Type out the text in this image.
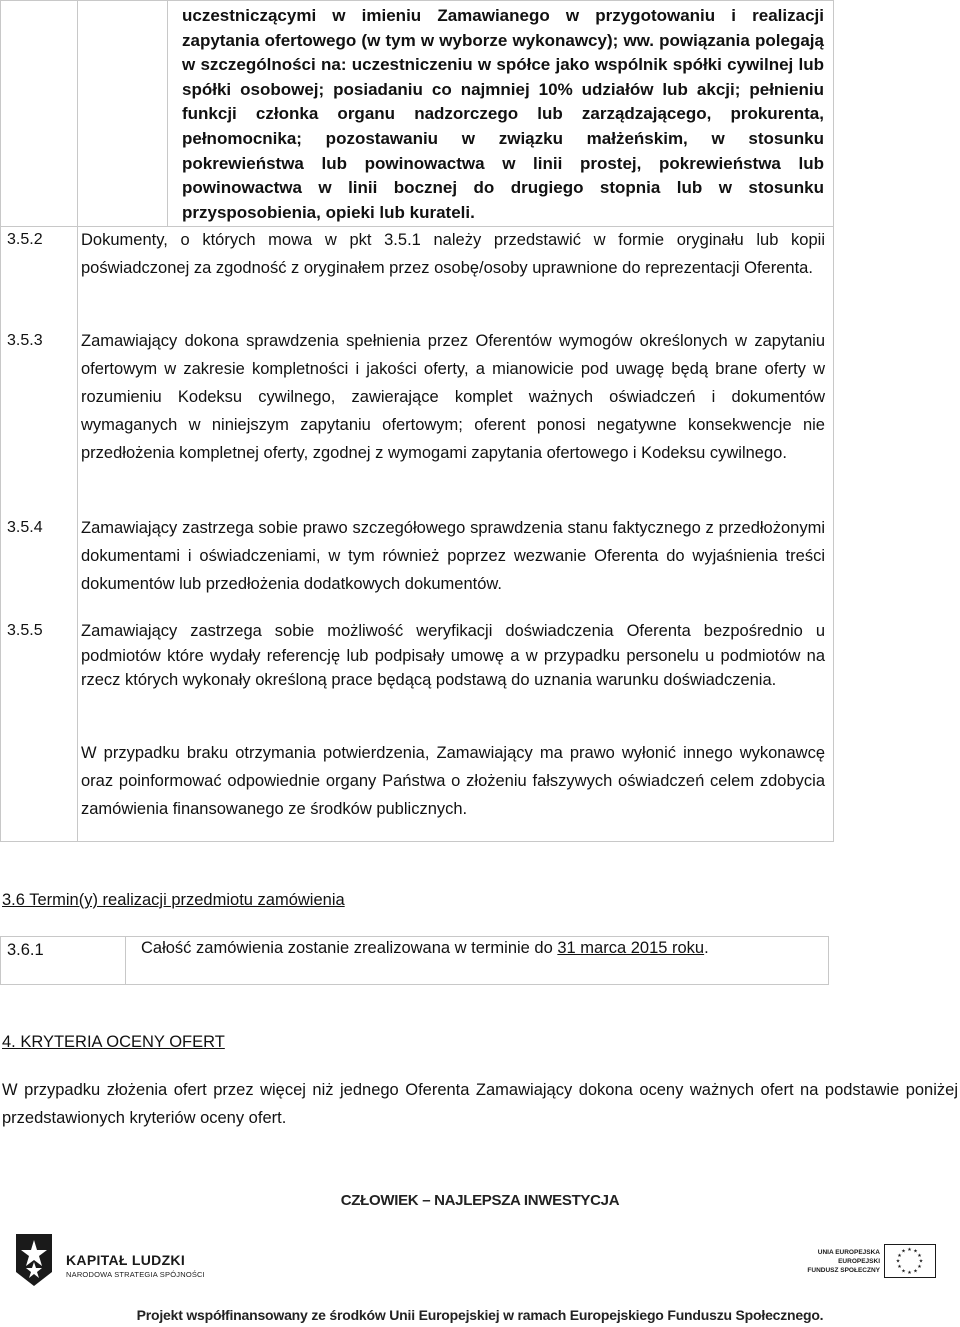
uczestniczącymi w imieniu Zamawianego w przygotowaniu i realizacji zapytania ofertowego (w tym w wyborze wykonawcy); ww. powiązania polegają w szczególności na: uczestniczeniu w spółce jako wspólnik spółki cywilnej lub spółki osobowej; posiadaniu co najmniej 10% udziałów lub akcji; pełnieniu funkcji członka organu nadzorczego lub zarządzającego, prokurenta, pełnomocnika; pozostawaniu w związku małżeńskim, w stosunku pokrewieństwa lub powinowactwa w linii prostej, pokrewieństwa lub powinowactwa w linii bocznej do drugiego stopnia lub w stosunku przysposobienia, opieki lub kurateli.
3.5.2 Dokumenty, o których mowa w pkt 3.5.1 należy przedstawić w formie oryginału lub kopii poświadczonej za zgodność z oryginałem przez osobę/osoby uprawnione do reprezentacji Oferenta.
3.5.3 Zamawiający dokona sprawdzenia spełnienia przez Oferentów wymogów określonych w zapytaniu ofertowym w zakresie kompletności i jakości oferty, a mianowicie pod uwagę będą brane oferty w rozumieniu Kodeksu cywilnego, zawierające komplet ważnych oświadczeń i dokumentów wymaganych w niniejszym zapytaniu ofertowym; oferent ponosi negatywne konsekwencje nie przedłożenia kompletnej oferty, zgodnej z wymogami zapytania ofertowego i Kodeksu cywilnego.
3.5.4 Zamawiający zastrzega sobie prawo szczegółowego sprawdzenia stanu faktycznego z przedłożonymi dokumentami i oświadczeniami, w tym również poprzez wezwanie Oferenta do wyjaśnienia treści dokumentów lub przedłożenia dodatkowych dokumentów.
3.5.5 Zamawiający zastrzega sobie możliwość weryfikacji doświadczenia Oferenta bezpośrednio u podmiotów które wydały referencję lub podpisały umowę a w przypadku personelu u podmiotów na rzecz których wykonały określoną prace będącą podstawą do uznania warunku doświadczenia.
W przypadku braku otrzymania potwierdzenia, Zamawiający ma prawo wyłonić innego wykonawcę oraz poinformować odpowiednie organy Państwa o złożeniu fałszywych oświadczeń celem zdobycia zamówienia finansowanego ze środków publicznych.
3.6 Termin(y) realizacji przedmiotu zamówienia
3.6.1	Całość zamówienia zostanie zrealizowana w terminie do 31 marca 2015 roku.
4. KRYTERIA OCENY OFERT
W przypadku złożenia ofert przez więcej niż jednego Oferenta Zamawiający dokona oceny ważnych ofert na podstawie poniżej przedstawionych kryteriów oceny ofert.
CZŁOWIEK – NAJLEPSZA INWESTYCJA
KAPITAŁ LUDZKI
NARODOWA STRATEGIA SPÓJNOŚCI
UNIA EUROPEJSKA
EUROPEJSKI
FUNDUSZ SPOŁECZNY
★ ★
★
★
★
★
★
★
★
★
★
★
Projekt współfinansowany ze środków Unii Europejskiej w ramach Europejskiego Funduszu Społecznego.
